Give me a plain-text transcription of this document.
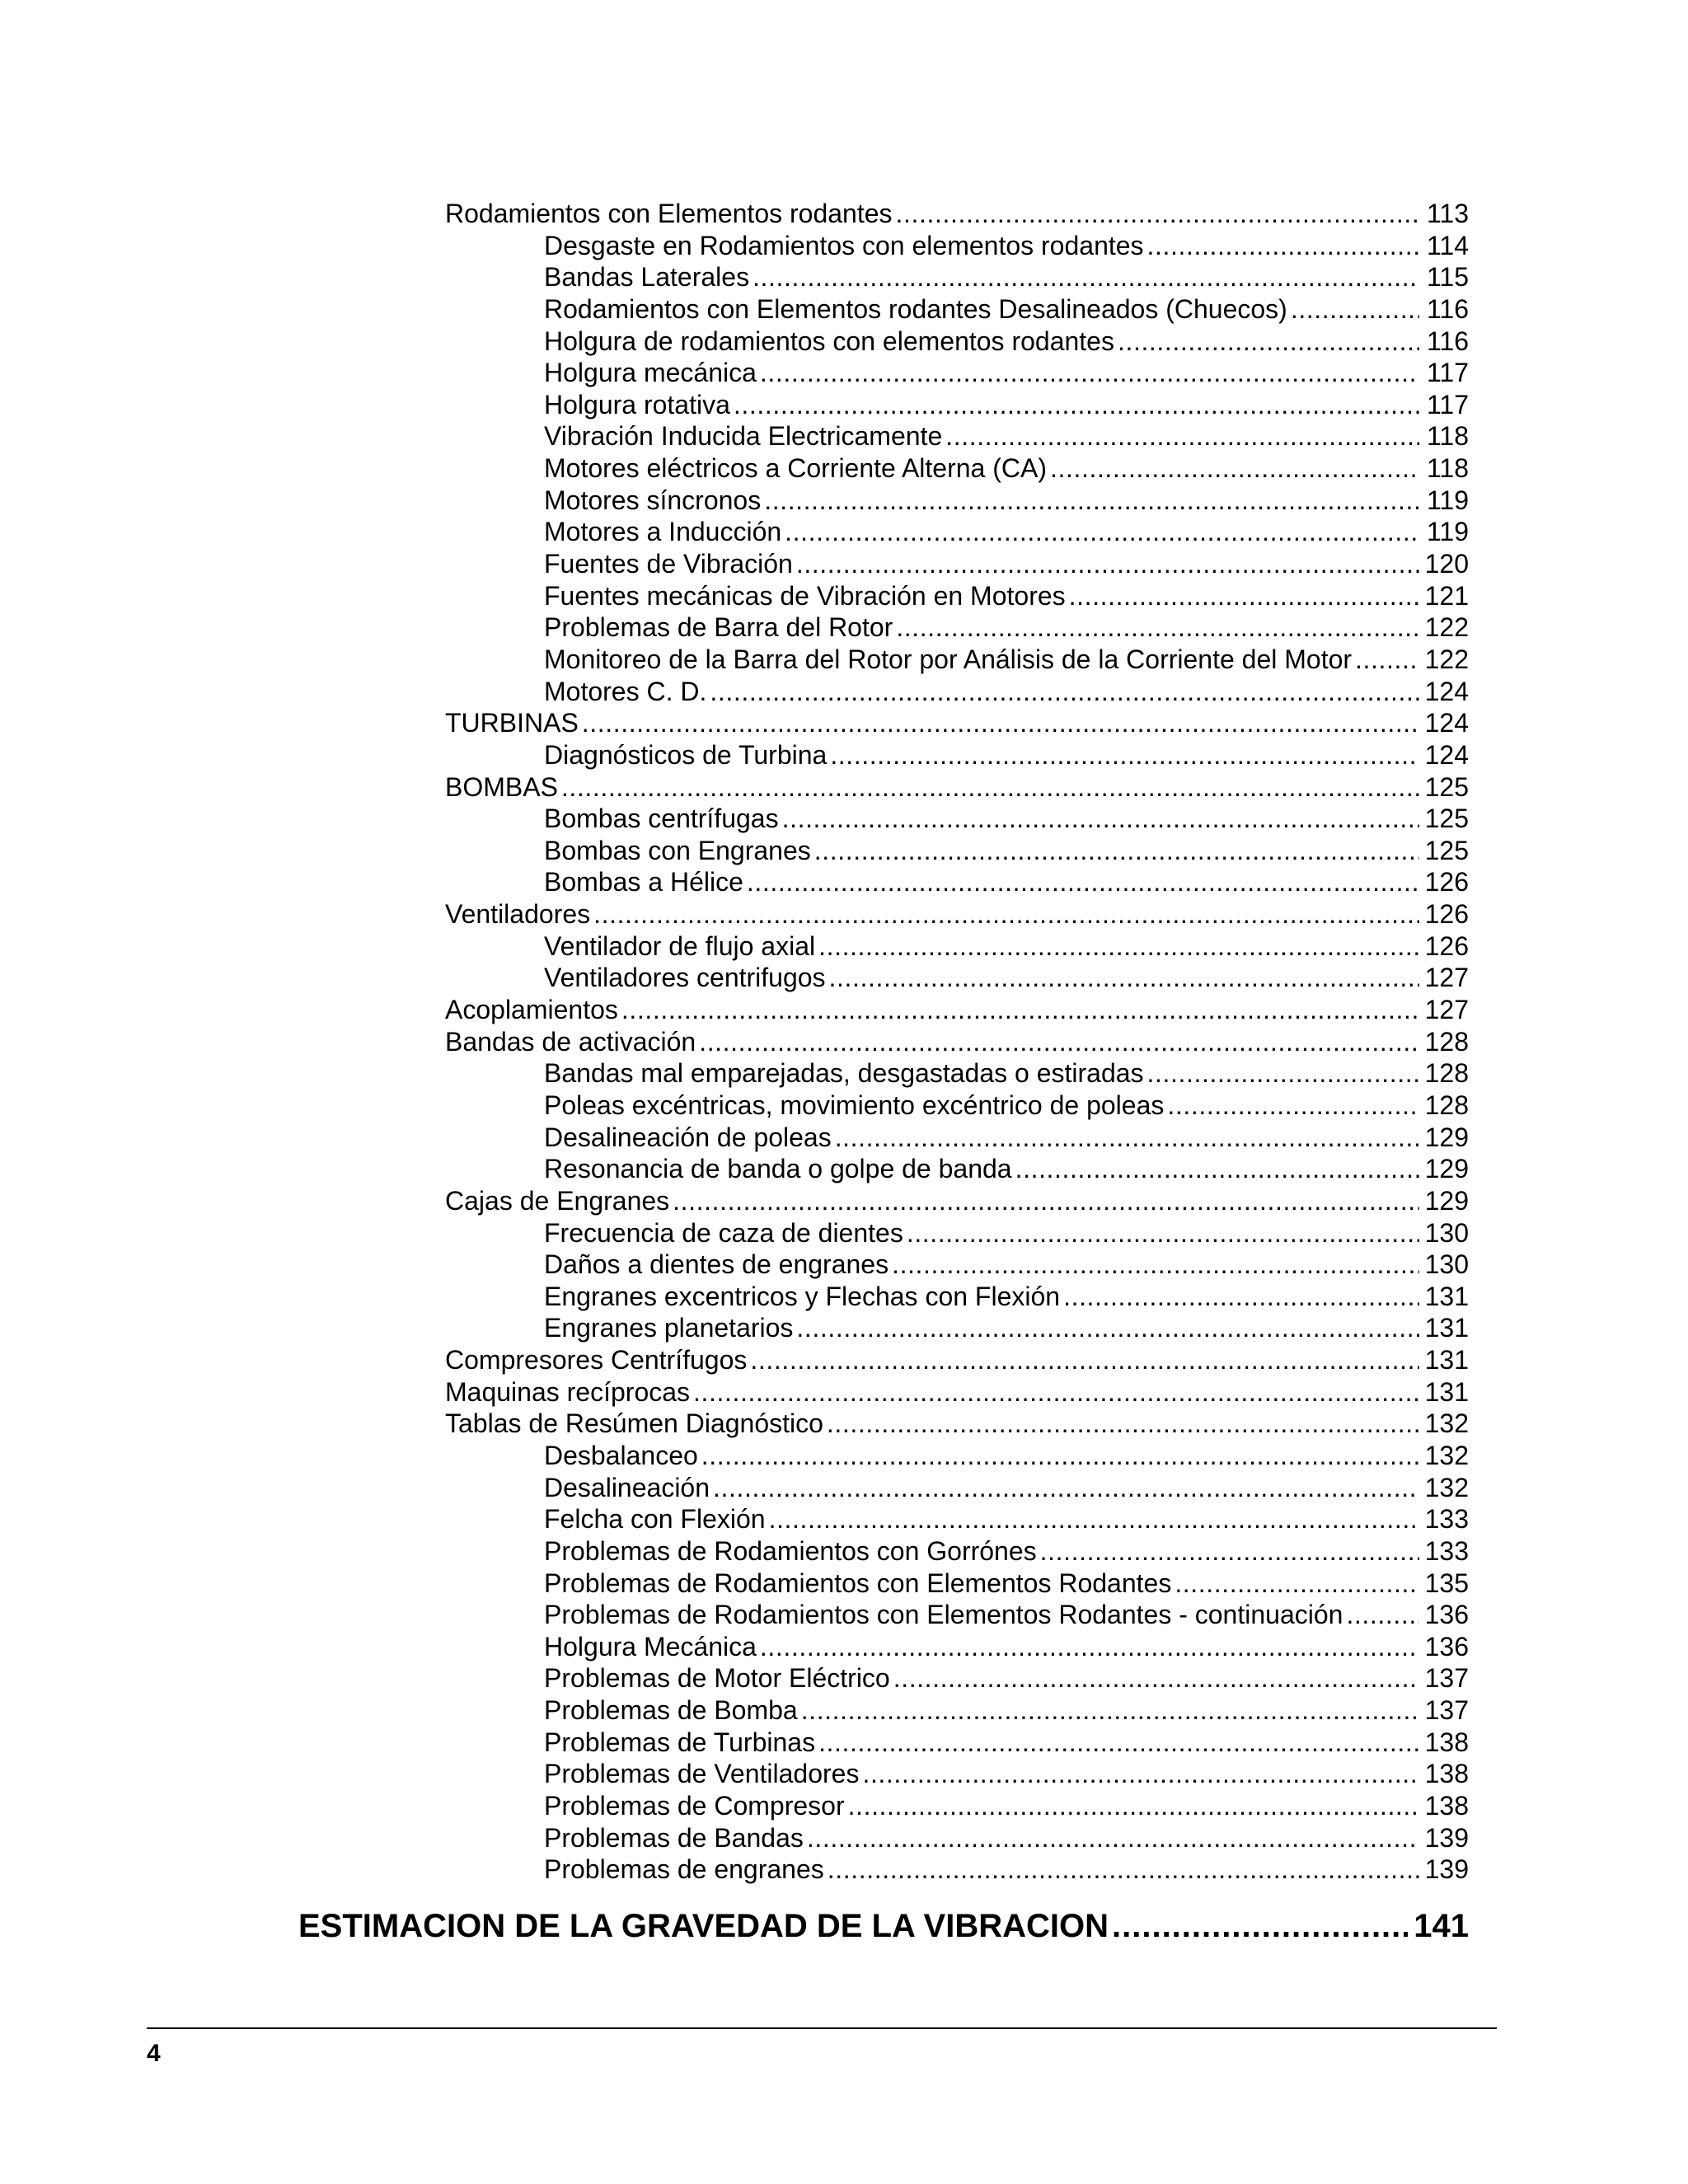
Rodamientos con Elementos rodantes .....	113
Desgaste en Rodamientos con elementos rodantes .....	114
Bandas Laterales .....	115
Rodamientos con Elementos rodantes Desalineados (Chuecos) .....	116
Holgura de rodamientos con elementos rodantes .....	116
Holgura mecánica .....	117
Holgura rotativa .....	117
Vibración Inducida Electricamente .....	118
Motores eléctricos a Corriente Alterna (CA) .....	118
Motores síncronos .....	119
Motores a Inducción .....	119
Fuentes de Vibración .....	120
Fuentes mecánicas de Vibración en Motores .....	121
Problemas de Barra del Rotor .....	122
Monitoreo de la Barra del Rotor por Análisis de la Corriente del Motor .....	122
Motores C. D. .....	124
TURBINAS .....	124
Diagnósticos de Turbina .....	124
BOMBAS .....	125
Bombas centrífugas .....	125
Bombas con Engranes .....	125
Bombas a Hélice .....	126
Ventiladores .....	126
Ventilador de flujo axial .....	126
Ventiladores centrifugos .....	127
Acoplamientos .....	127
Bandas de activación .....	128
Bandas mal emparejadas, desgastadas o estiradas .....	128
Poleas excéntricas, movimiento excéntrico de poleas .....	128
Desalineación de poleas .....	129
Resonancia de banda o golpe de banda .....	129
Cajas de Engranes .....	129
Frecuencia de caza de dientes .....	130
Daños a dientes de engranes .....	130
Engranes excentricos y Flechas con Flexión .....	131
Engranes planetarios .....	131
Compresores Centrífugos .....	131
Maquinas recíprocas .....	131
Tablas de Resúmen Diagnóstico .....	132
Desbalanceo .....	132
Desalineación .....	132
Felcha con Flexión .....	133
Problemas de Rodamientos con Gorrónes .....	133
Problemas de Rodamientos con Elementos Rodantes .....	135
Problemas de Rodamientos con Elementos Rodantes - continuación .....	136
Holgura Mecánica .....	136
Problemas de Motor Eléctrico .....	137
Problemas de Bomba .....	137
Problemas de Turbinas .....	138
Problemas de Ventiladores .....	138
Problemas de Compresor .....	138
Problemas de Bandas .....	139
Problemas de engranes .....	139
ESTIMACION DE LA GRAVEDAD DE LA VIBRACION .....	141
4
